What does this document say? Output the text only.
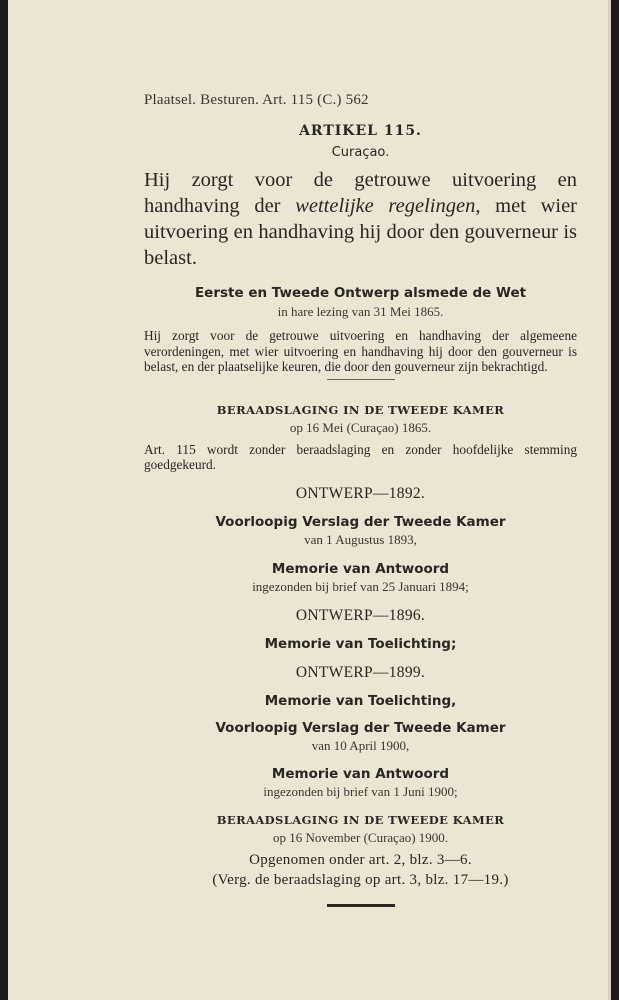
Plaatsel. Besturen. Art. 115 (C.) 562
ARTIKEL 115.
Curaçao.

Hij zorgt voor de getrouwe uitvoering en handhaving der wettelijke regelingen, met wier uitvoering en handhaving hij door den gouverneur is belast.

Eerste en Tweede Ontwerp alsmede de Wet
in hare lezing van 31 Mei 1865.

Hij zorgt voor de getrouwe uitvoering en handhaving der algemeene verordeningen, met wier uitvoering en handhaving hij door den gouverneur is belast, en der plaatselijke keuren, die door den gouverneur zijn bekrachtigd.

BERAADSLAGING IN DE TWEEDE KAMER
op 16 Mei (Curaçao) 1865.

Art. 115 wordt zonder beraadslaging en zonder hoofdelijke stemming goedgekeurd.

ONTWERP—1892.
Voorloopig Verslag der Tweede Kamer
van 1 Augustus 1893,
Memorie van Antwoord
ingezonden bij brief van 25 Januari 1894;
ONTWERP—1896.
Memorie van Toelichting;
ONTWERP—1899.
Memorie van Toelichting,
Voorloopig Verslag der Tweede Kamer
van 10 April 1900,
Memorie van Antwoord
ingezonden bij brief van 1 Juni 1900;
BERAADSLAGING IN DE TWEEDE KAMER
op 16 November (Curaçao) 1900.
Opgenomen onder art. 2, blz. 3—6.
(Verg. de beraadslaging op art. 3, blz. 17—19.)
